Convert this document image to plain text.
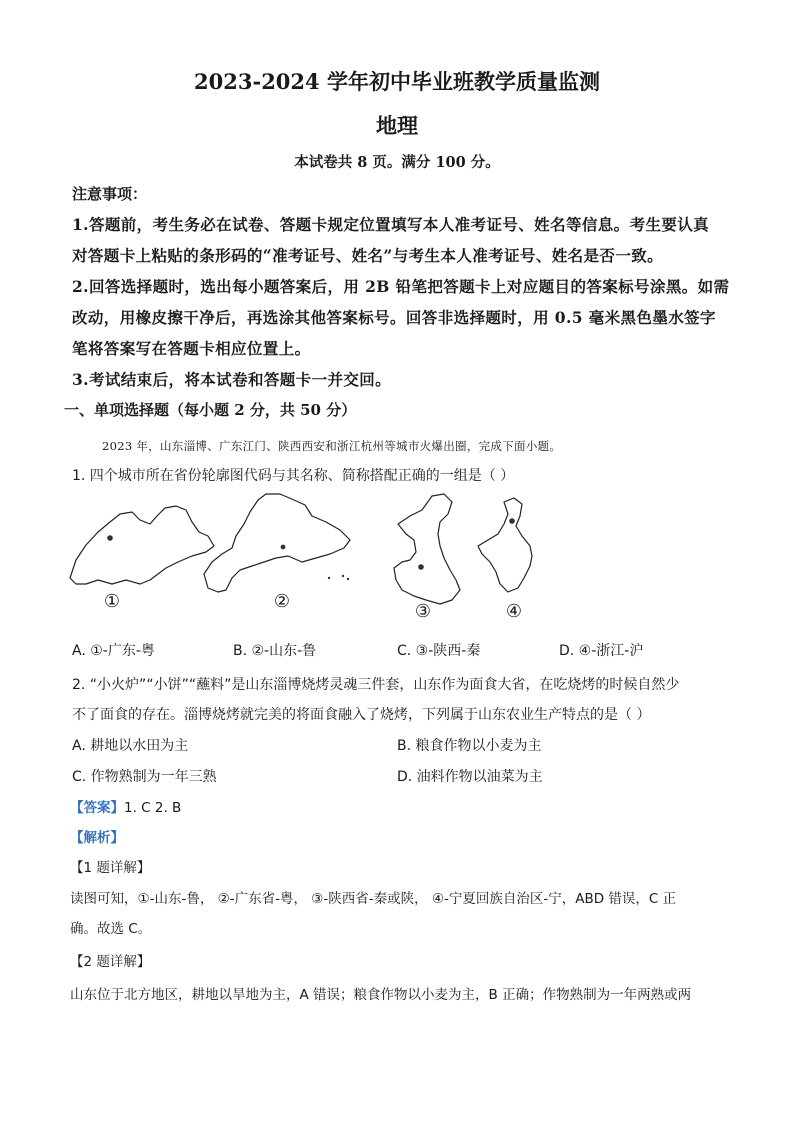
2023-2024 学年初中毕业班教学质量监测
地理
本试卷共 8 页。满分 100 分。
注意事项：
1.答题前，考生务必在试卷、答题卡规定位置填写本人准考证号、姓名等信息。考生要认真
对答题卡上粘贴的条形码的“准考证号、姓名”与考生本人准考证号、姓名是否一致。
2.回答选择题时，选出每小题答案后，用 2B 铅笔把答题卡上对应题目的答案标号涂黑。如需
改动，用橡皮擦干净后，再选涂其他答案标号。回答非选择题时，用 0.5 毫米黑色墨水签字
笔将答案写在答题卡相应位置上。
3.考试结束后，将本试卷和答题卡一并交回。
一、单项选择题（每小题 2 分，共 50 分）
2023 年，山东淄博、广东江门、陕西西安和浙江杭州等城市火爆出圈，完成下面小题。
1. 四个城市所在省份轮廓图代码与其名称、简称搭配正确的一组是（ ）
①	②	③	④
A. ①-广东-粤	B. ②-山东-鲁	C. ③-陕西-秦	D. ④-浙江-沪
2. “小火炉”“小饼”“蘸料”是山东淄博烧烤灵魂三件套，山东作为面食大省，在吃烧烤的时候自然少
不了面食的存在。淄博烧烤就完美的将面食融入了烧烤，下列属于山东农业生产特点的是（ ）
A. 耕地以水田为主	B. 粮食作物以小麦为主
C. 作物熟制为一年三熟	D. 油料作物以油菜为主
【答案】1. C 2. B
【解析】
【1 题详解】
读图可知，①-山东-鲁， ②-广东省-粤， ③-陕西省-秦或陕， ④-宁夏回族自治区-宁，ABD 错误，C 正
确。故选 C。
【2 题详解】
山东位于北方地区，耕地以旱地为主，A 错误；粮食作物以小麦为主，B 正确；作物熟制为一年两熟或两
